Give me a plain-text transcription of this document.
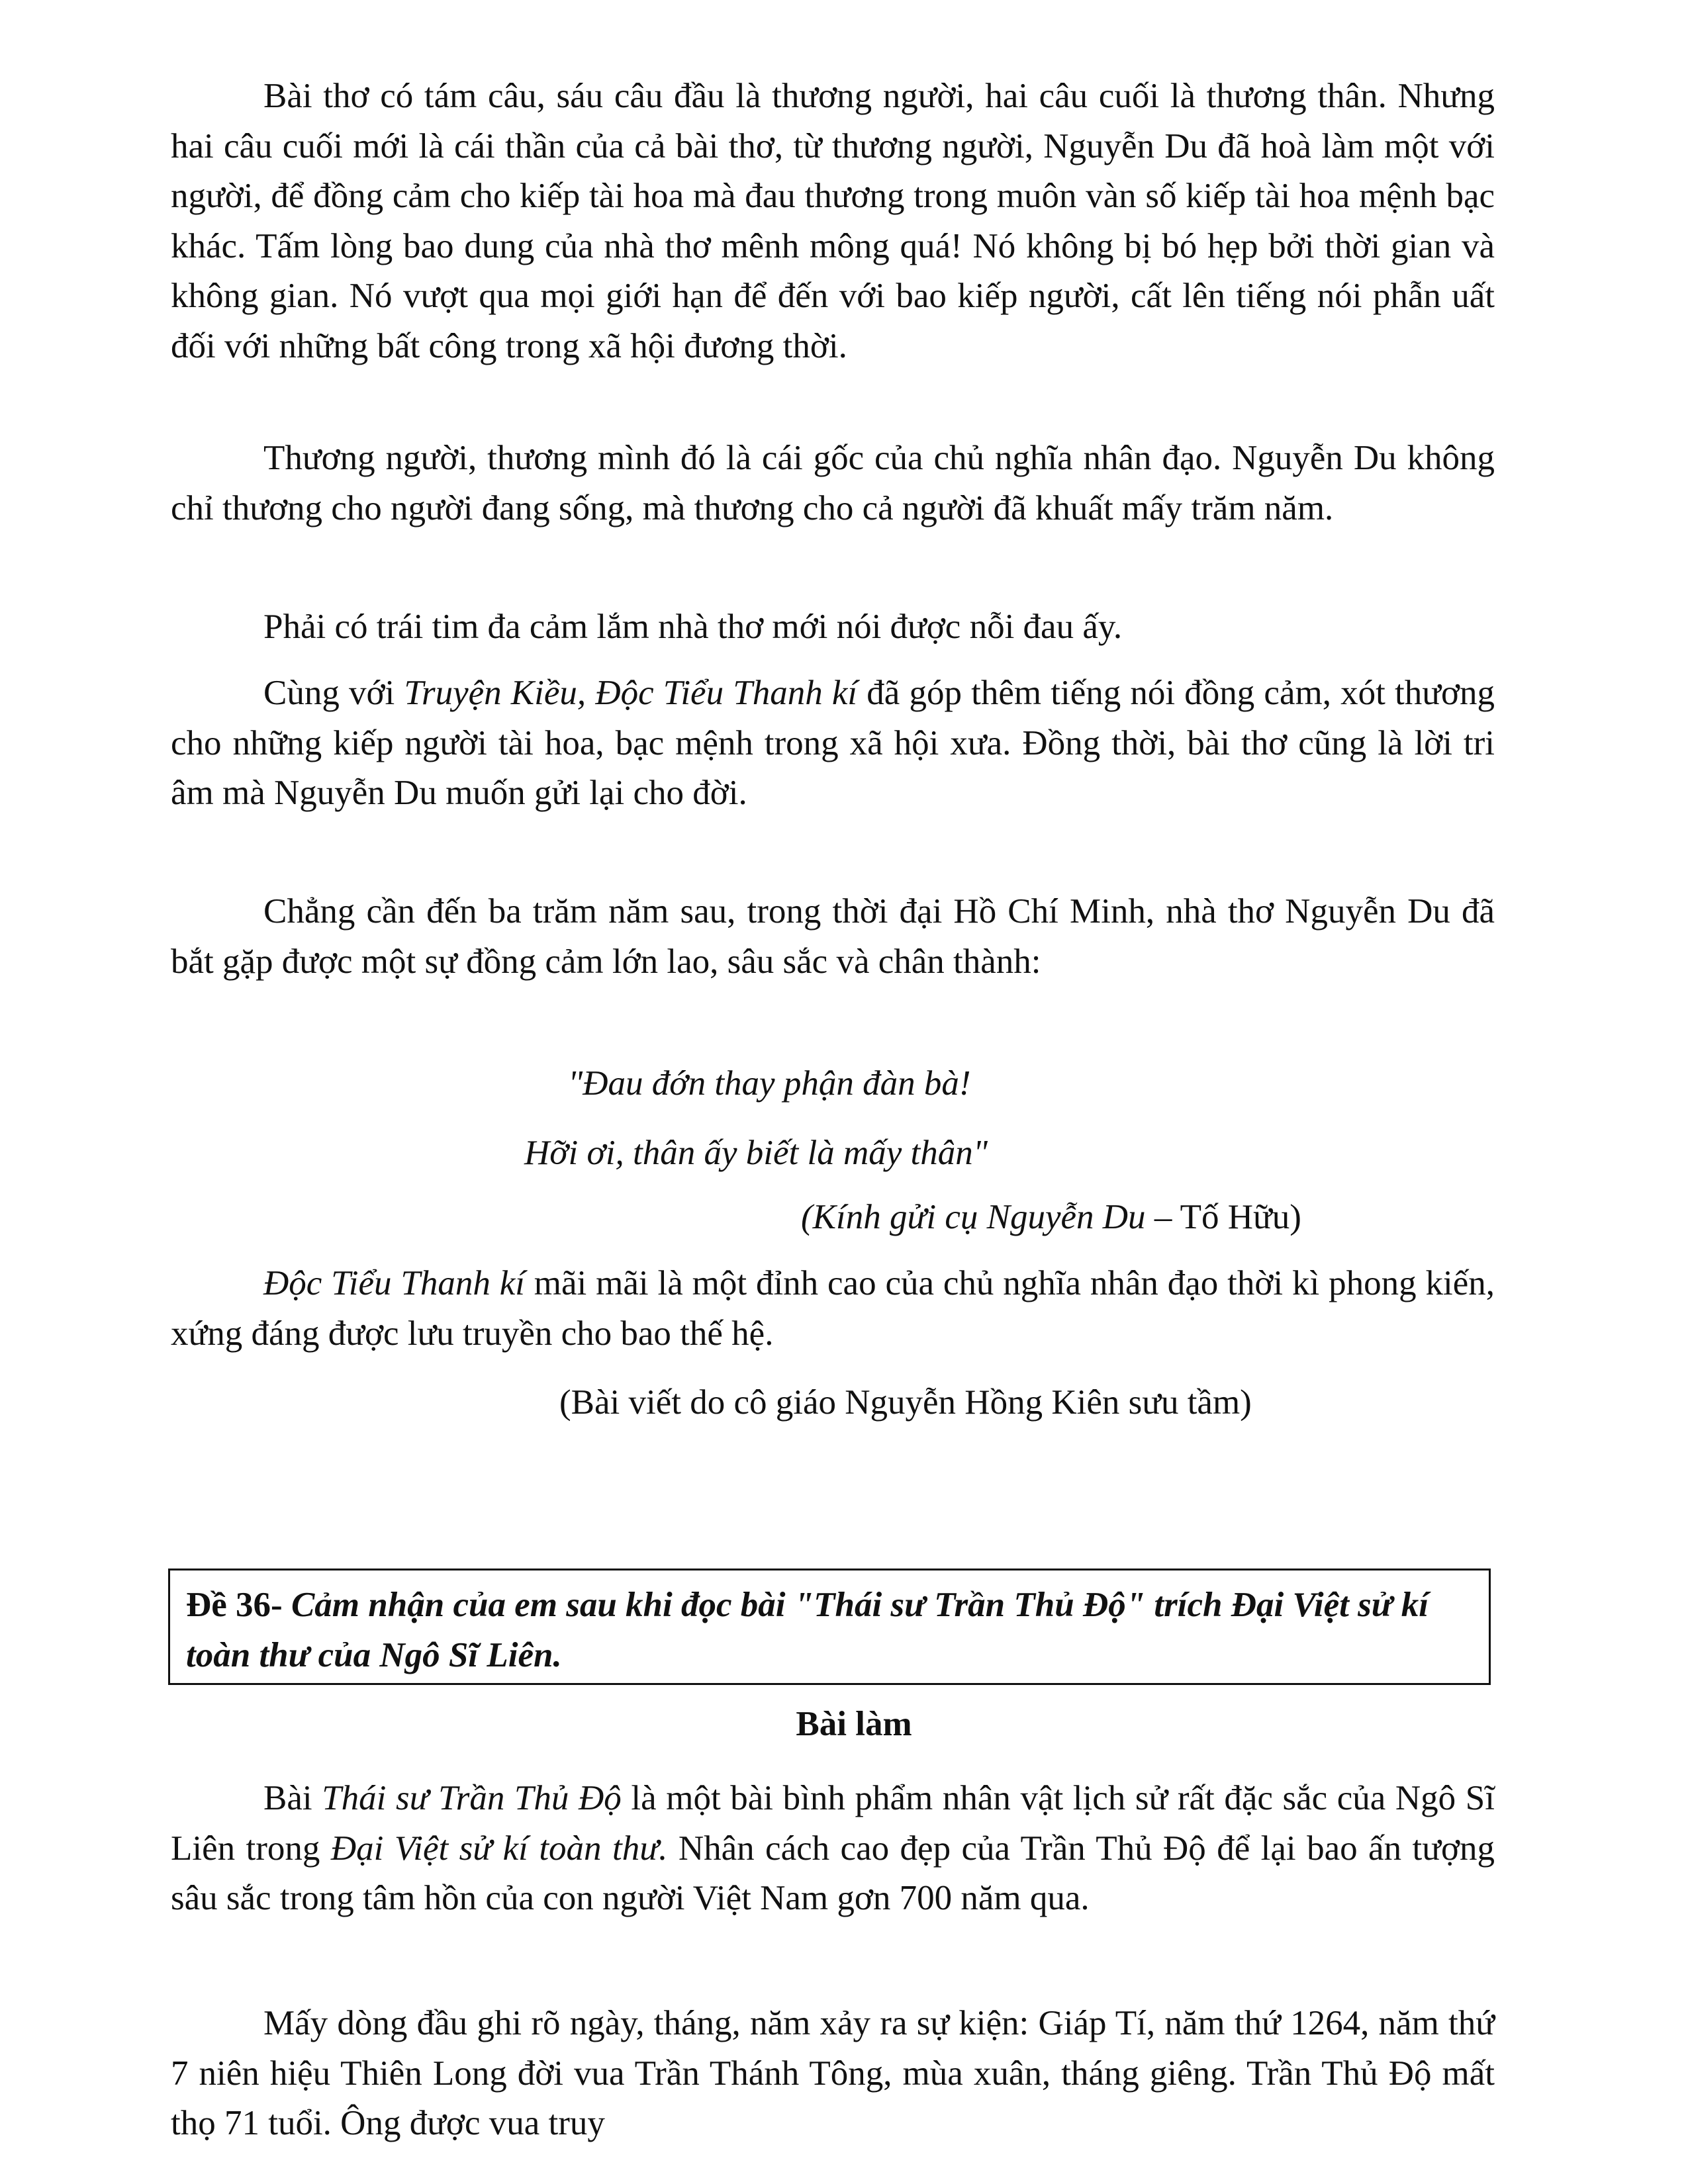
Bài thơ có tám câu, sáu câu đầu là thương người, hai câu cuối là thương thân. Nhưng hai câu cuối mới là cái thần của cả bài thơ, từ thương người, Nguyễn Du đã hoà làm một với người, để đồng cảm cho kiếp tài hoa mà đau thương trong muôn vàn số kiếp tài hoa mệnh bạc khác. Tấm lòng bao dung của nhà thơ mênh mông quá! Nó không bị bó hẹp bởi thời gian và không gian. Nó vượt qua mọi giới hạn để đến với bao kiếp người, cất lên tiếng nói phẫn uất đối với những bất công trong xã hội đương thời.

Thương người, thương mình đó là cái gốc của chủ nghĩa nhân đạo. Nguyễn Du không chỉ thương cho người đang sống, mà thương cho cả người đã khuất mấy trăm năm.

Phải có trái tim đa cảm lắm nhà thơ mới nói được nỗi đau ấy.

Cùng với Truyện Kiều, Độc Tiểu Thanh kí đã góp thêm tiếng nói đồng cảm, xót thương cho những kiếp người tài hoa, bạc mệnh trong xã hội xưa. Đồng thời, bài thơ cũng là lời tri âm mà Nguyễn Du muốn gửi lại cho đời.

Chẳng cần đến ba trăm năm sau, trong thời đại Hồ Chí Minh, nhà thơ Nguyễn Du đã bắt gặp được một sự đồng cảm lớn lao, sâu sắc và chân thành:

"Đau đớn thay phận đàn bà!
Hỡi ơi, thân ấy biết là mấy thân"
(Kính gửi cụ Nguyễn Du – Tố Hữu)

Độc Tiểu Thanh kí mãi mãi là một đỉnh cao của chủ nghĩa nhân đạo thời kì phong kiến, xứng đáng được lưu truyền cho bao thế hệ.

(Bài viết do cô giáo Nguyễn Hồng Kiên sưu tầm)
Đề 36- Cảm nhận của em sau khi đọc bài "Thái sư Trần Thủ Độ" trích Đại Việt sử kí toàn thư của Ngô Sĩ Liên.
Bài làm

Bài Thái sư Trần Thủ Độ là một bài bình phẩm nhân vật lịch sử rất đặc sắc của Ngô Sĩ Liên trong Đại Việt sử kí toàn thư. Nhân cách cao đẹp của Trần Thủ Độ để lại bao ấn tượng sâu sắc trong tâm hồn của con người Việt Nam gơn 700 năm qua.

Mấy dòng đầu ghi rõ ngày, tháng, năm xảy ra sự kiện: Giáp Tí, năm thứ 1264, năm thứ 7 niên hiệu Thiên Long đời vua Trần Thánh Tông, mùa xuân, tháng giêng. Trần Thủ Độ mất thọ 71 tuổi. Ông được vua truy
